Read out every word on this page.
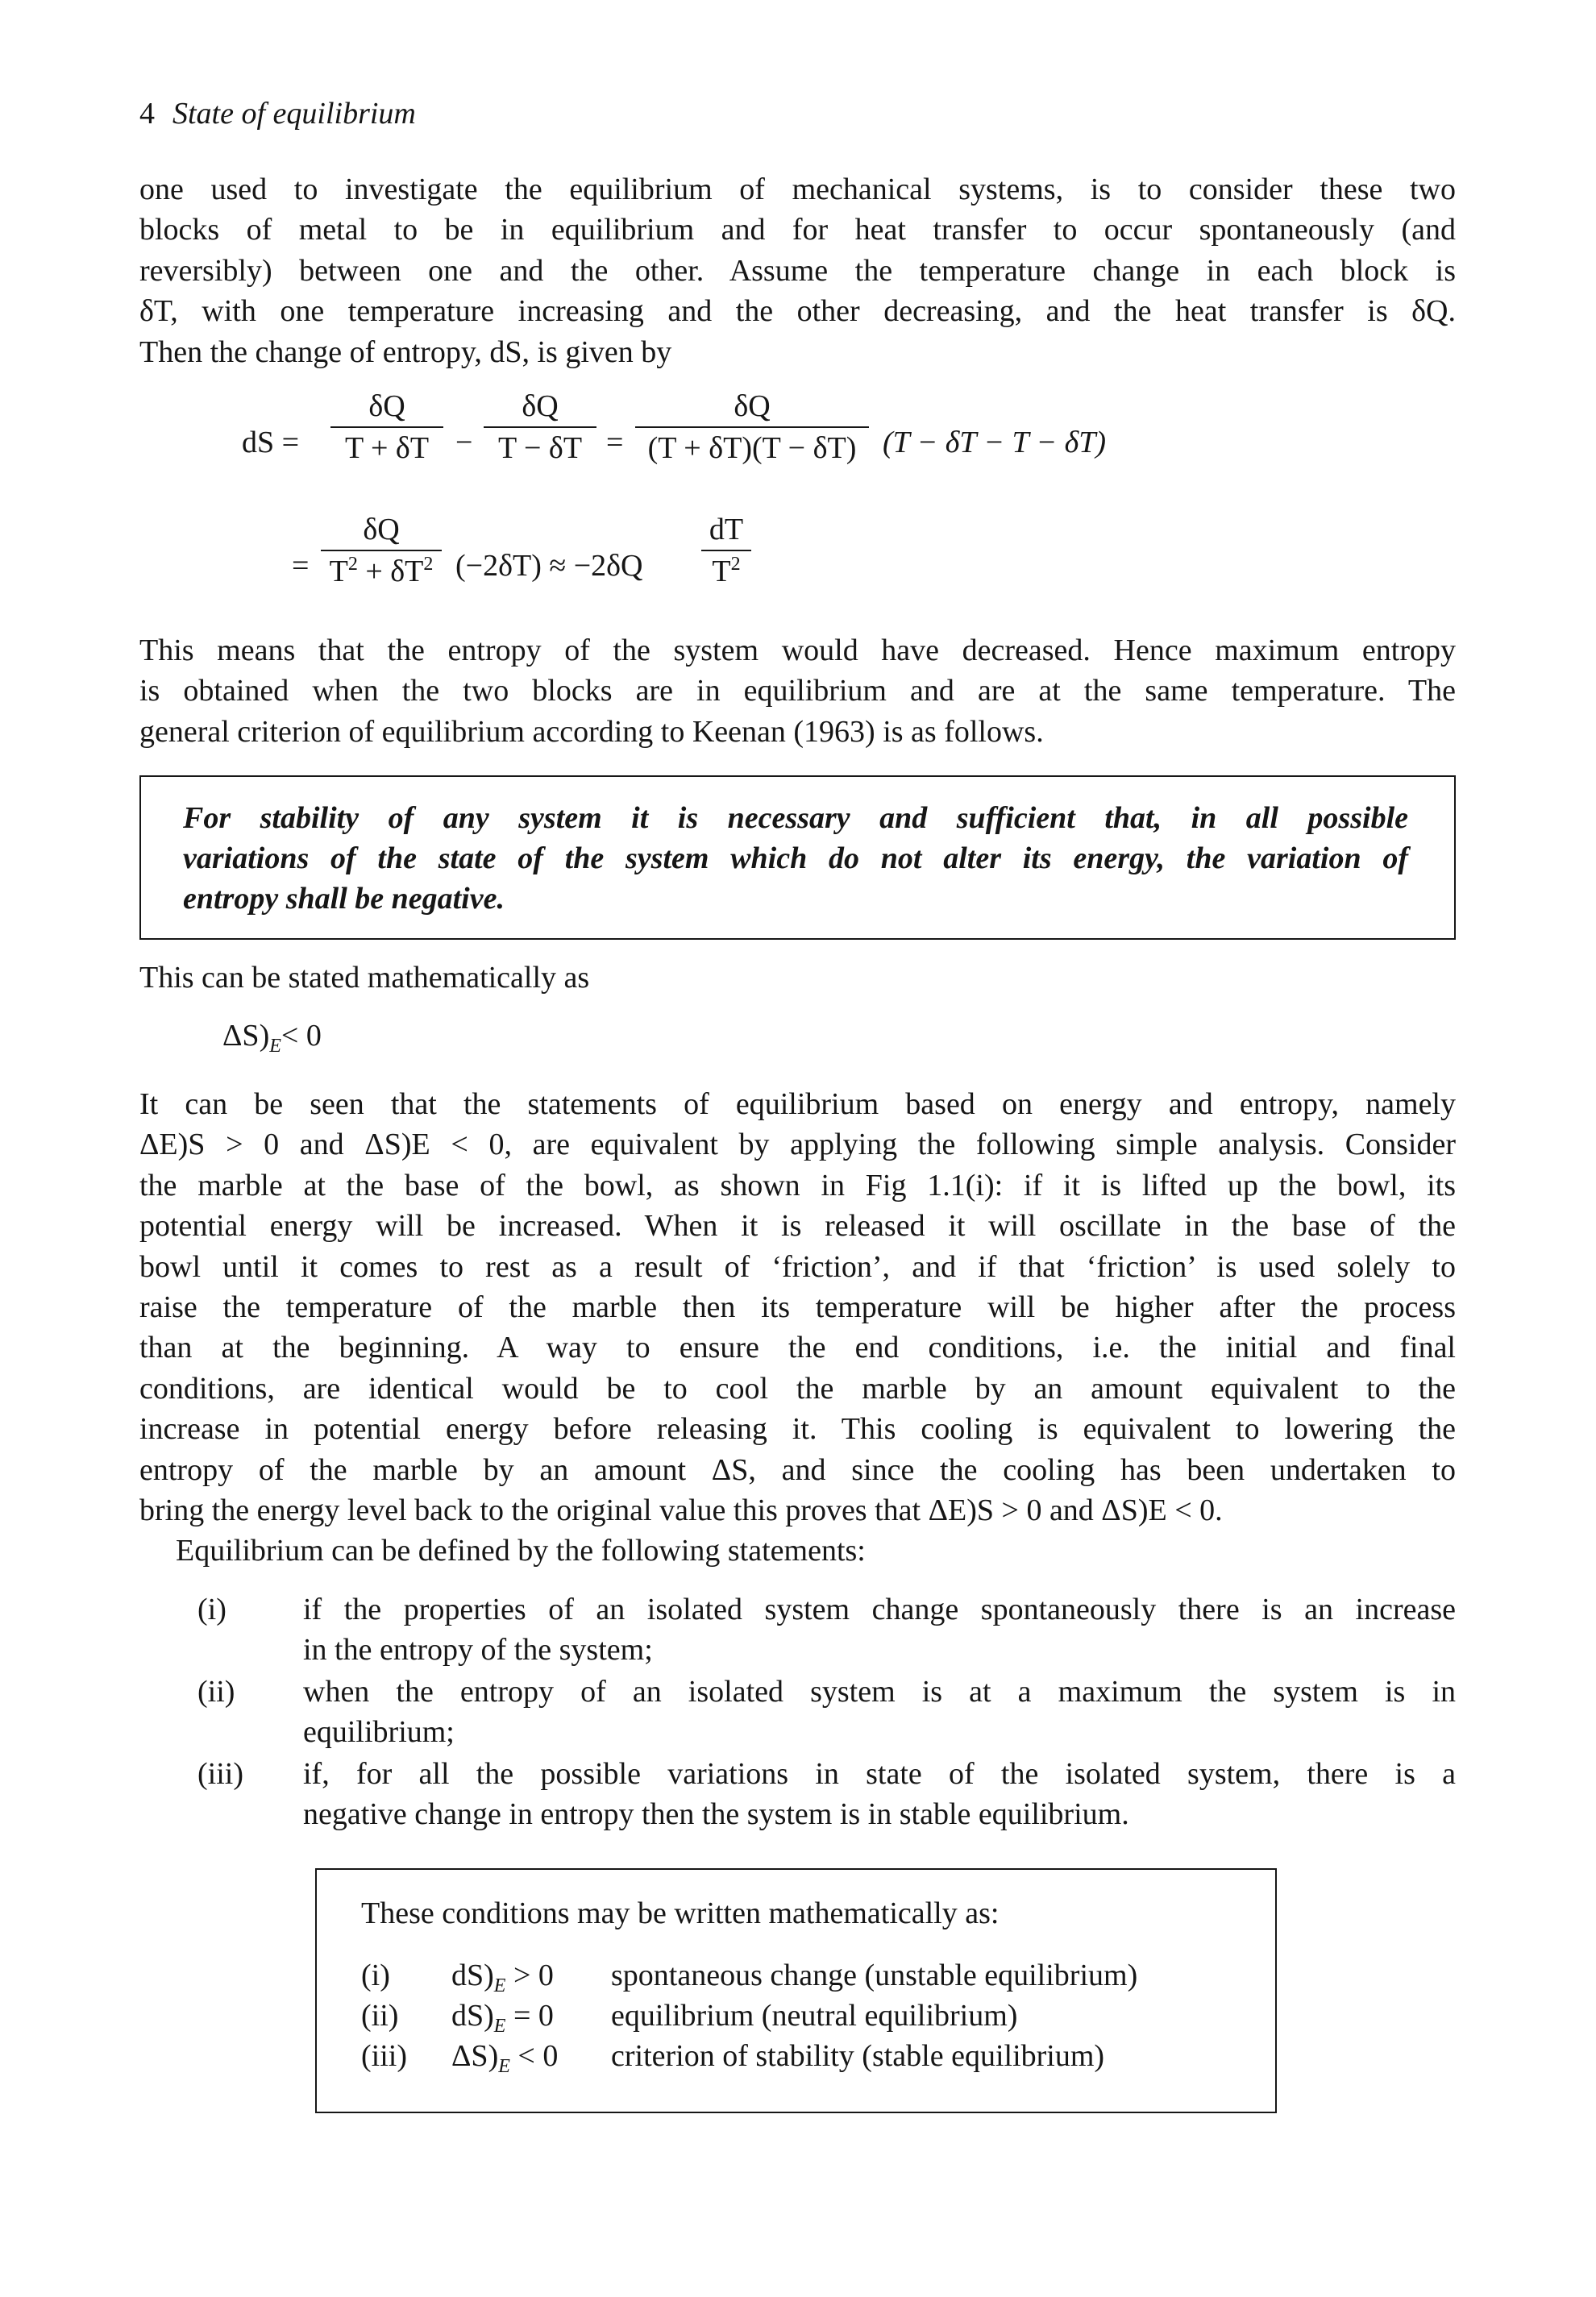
4 State of equilibrium
one used to investigate the equilibrium of mechanical systems, is to consider these two
blocks of metal to be in equilibrium and for heat transfer to occur spontaneously (and
reversibly) between one and the other. Assume the temperature change in each block is
δT, with one temperature increasing and the other decreasing, and the heat transfer is δQ.
Then the change of entropy, dS, is given by
dS =
δQ
T + δT −
δQ
T − δT =
δQ
(T + δT)(T − δT) (T − δT − T − δT)
=
δQ
$T^2 + \delta T^2$ (−2δT) ≈ −2δQ
dT
$T^2$
This means that the entropy of the system would have decreased. Hence maximum entropy
is obtained when the two blocks are in equilibrium and are at the same temperature. The
general criterion of equilibrium according to Keenan (1963) is as follows.
For stability of any system it is necessary and sufficient that, in all possible
variations of the state of the system which do not alter its energy, the variation of
entropy shall be negative.
This can be stated mathematically as
$\Delta S)_E< 0$
It can be seen that the statements of equilibrium based on energy and entropy, namely
ΔE)S > 0 and ΔS)E < 0, are equivalent by applying the following simple analysis. Consider
the marble at the base of the bowl, as shown in Fig 1.1(i): if it is lifted up the bowl, its
potential energy will be increased. When it is released it will oscillate in the base of the
bowl until it comes to rest as a result of ‘friction’, and if that ‘friction’ is used solely to
raise the temperature of the marble then its temperature will be higher after the process
than at the beginning. A way to ensure the end conditions, i.e. the initial and final
conditions, are identical would be to cool the marble by an amount equivalent to the
increase in potential energy before releasing it. This cooling is equivalent to lowering the
entropy of the marble by an amount ΔS, and since the cooling has been undertaken to
bring the energy level back to the original value this proves that ΔE)S > 0 and ΔS)E < 0.
Equilibrium can be defined by the following statements:
(i)	if the properties of an isolated system change spontaneously there is an increase
in the entropy of the system;
(ii)	when the entropy of an isolated system is at a maximum the system is in
equilibrium;
(iii)	if, for all the possible variations in state of the isolated system, there is a
negative change in entropy then the system is in stable equilibrium.
These conditions may be written mathematically as:
(i) $dS)_E > 0$ spontaneous change (unstable equilibrium)
(ii) $dS)_E = 0$ equilibrium (neutral equilibrium)
(iii) $\Delta S)_E < 0$ criterion of stability (stable equilibrium)
